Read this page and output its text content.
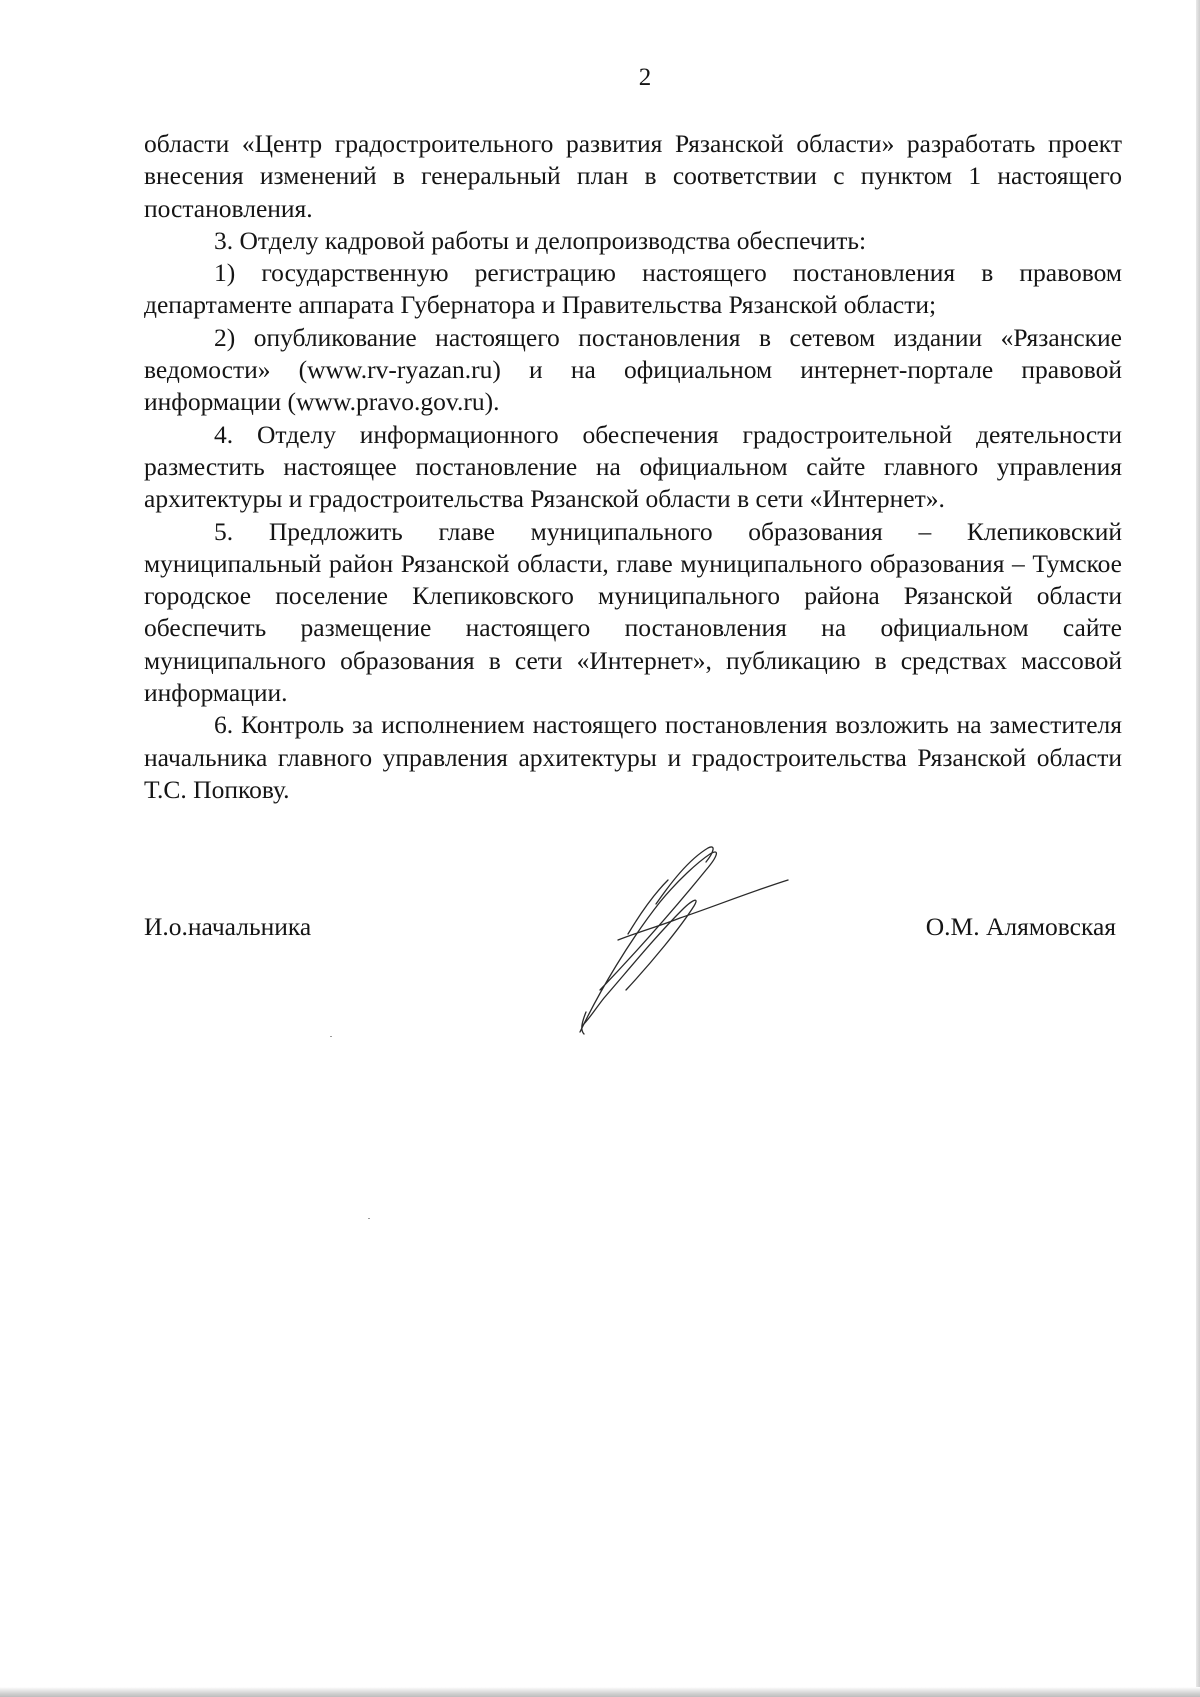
2

области «Центр градостроительного развития Рязанской области» разработать проект внесения изменений в генеральный план в соответствии с пунктом 1 настоящего постановления.

3. Отделу кадровой работы и делопроизводства обеспечить:

1) государственную регистрацию настоящего постановления в правовом департаменте аппарата Губернатора и Правительства Рязанской области;

2) опубликование настоящего постановления в сетевом издании «Рязанские ведомости» (www.rv-ryazan.ru) и на официальном интернет-портале правовой информации (www.pravo.gov.ru).

4. Отделу информационного обеспечения градостроительной деятельности разместить настоящее постановление на официальном сайте главного управления архитектуры и градостроительства Рязанской области в сети «Интернет».

5. Предложить главе муниципального образования – Клепиковский муниципальный район Рязанской области, главе муниципального образования – Тумское городское поселение Клепиковского муниципального района Рязанской области обеспечить размещение настоящего постановления на официальном сайте муниципального образования в сети «Интернет», публикацию в средствах массовой информации.

6. Контроль за исполнением настоящего постановления возложить на заместителя начальника главного управления архитектуры и градостроительства Рязанской области Т.С. Попкову.

И.о.начальника	О.М. Алямовская
